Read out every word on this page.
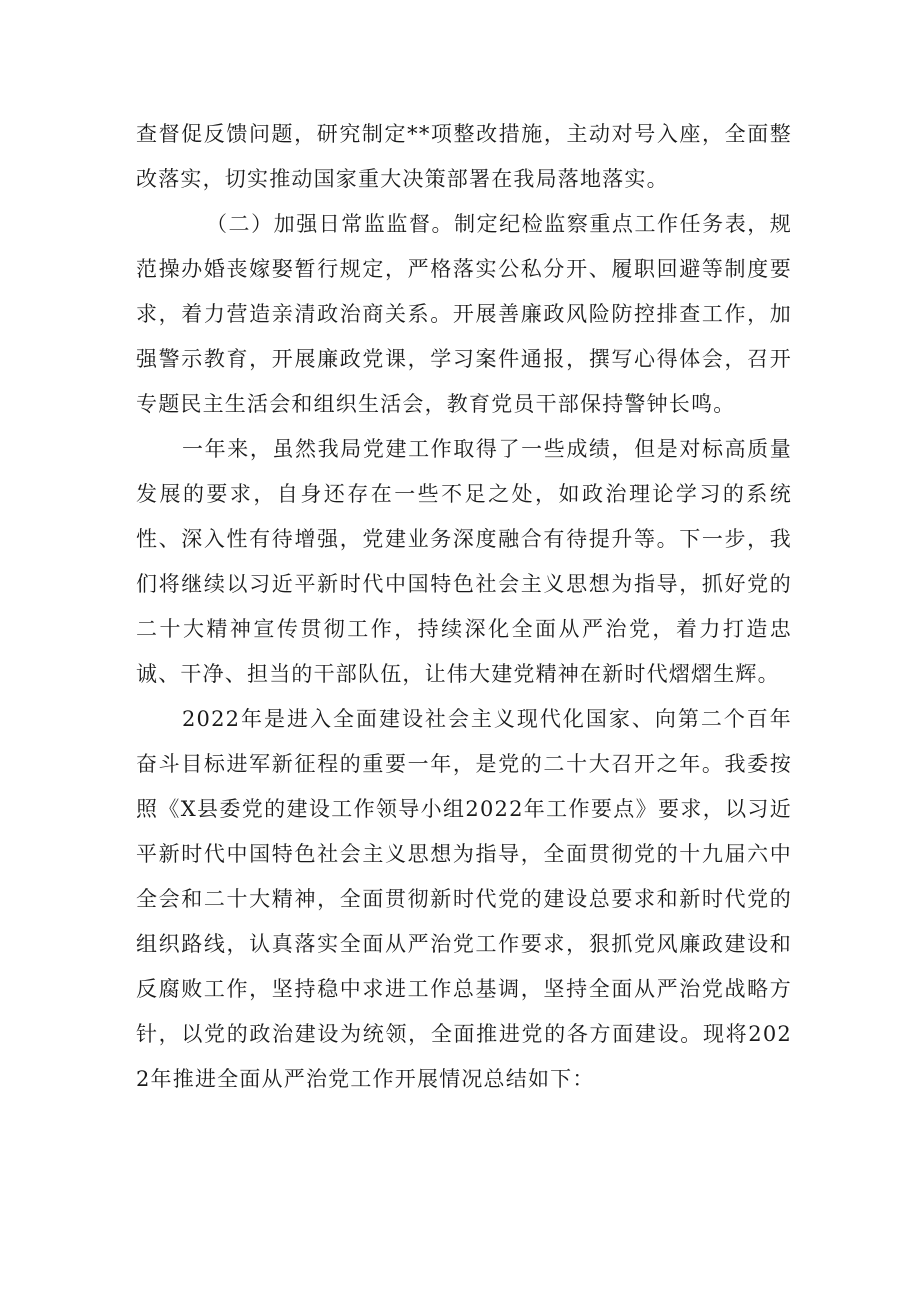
查督促反馈问题，研究制定**项整改措施，主动对号入座，全面整改落实，切实推动国家重大决策部署在我局落地落实。

（二）加强日常监监督。制定纪检监察重点工作任务表，规范操办婚丧嫁娶暂行规定，严格落实公私分开、履职回避等制度要求，着力营造亲清政治商关系。开展善廉政风险防控排查工作，加强警示教育，开展廉政党课，学习案件通报，撰写心得体会，召开专题民主生活会和组织生活会，教育党员干部保持警钟长鸣。

一年来，虽然我局党建工作取得了一些成绩，但是对标高质量发展的要求，自身还存在一些不足之处，如政治理论学习的系统性、深入性有待增强，党建业务深度融合有待提升等。下一步，我们将继续以习近平新时代中国特色社会主义思想为指导，抓好党的二十大精神宣传贯彻工作，持续深化全面从严治党，着力打造忠诚、干净、担当的干部队伍，让伟大建党精神在新时代熠熠生辉。

2022年是进入全面建设社会主义现代化国家、向第二个百年奋斗目标进军新征程的重要一年，是党的二十大召开之年。我委按照《X县委党的建设工作领导小组2022年工作要点》要求，以习近平新时代中国特色社会主义思想为指导，全面贯彻党的十九届六中全会和二十大精神，全面贯彻新时代党的建设总要求和新时代党的组织路线，认真落实全面从严治党工作要求，狠抓党风廉政建设和反腐败工作，坚持稳中求进工作总基调，坚持全面从严治党战略方针，以党的政治建设为统领，全面推进党的各方面建设。现将2022年推进全面从严治党工作开展情况总结如下：
